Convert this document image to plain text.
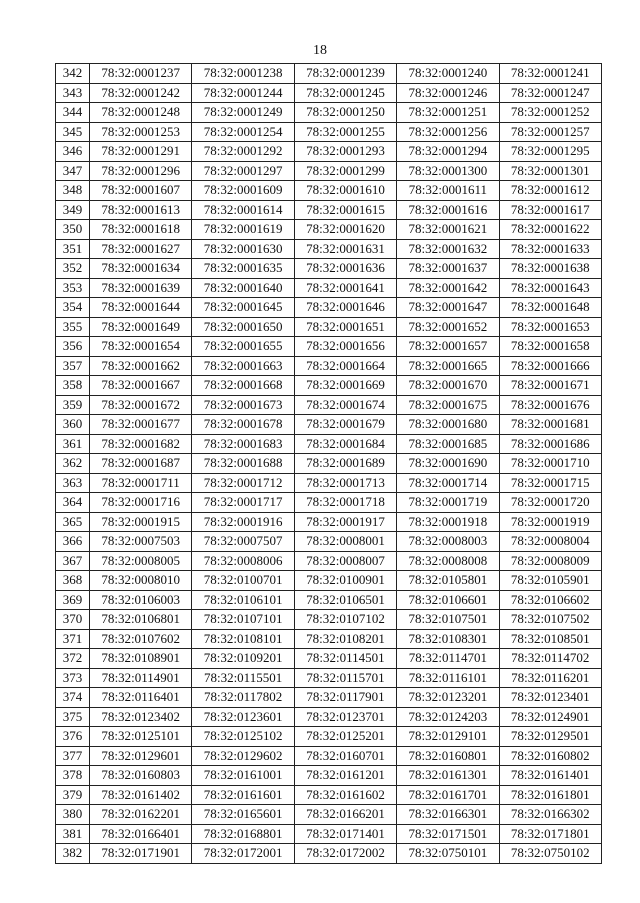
18
342	78:32:0001237	78:32:0001238	78:32:0001239	78:32:0001240	78:32:0001241
343	78:32:0001242	78:32:0001244	78:32:0001245	78:32:0001246	78:32:0001247
344	78:32:0001248	78:32:0001249	78:32:0001250	78:32:0001251	78:32:0001252
345	78:32:0001253	78:32:0001254	78:32:0001255	78:32:0001256	78:32:0001257
346	78:32:0001291	78:32:0001292	78:32:0001293	78:32:0001294	78:32:0001295
347	78:32:0001296	78:32:0001297	78:32:0001299	78:32:0001300	78:32:0001301
348	78:32:0001607	78:32:0001609	78:32:0001610	78:32:0001611	78:32:0001612
349	78:32:0001613	78:32:0001614	78:32:0001615	78:32:0001616	78:32:0001617
350	78:32:0001618	78:32:0001619	78:32:0001620	78:32:0001621	78:32:0001622
351	78:32:0001627	78:32:0001630	78:32:0001631	78:32:0001632	78:32:0001633
352	78:32:0001634	78:32:0001635	78:32:0001636	78:32:0001637	78:32:0001638
353	78:32:0001639	78:32:0001640	78:32:0001641	78:32:0001642	78:32:0001643
354	78:32:0001644	78:32:0001645	78:32:0001646	78:32:0001647	78:32:0001648
355	78:32:0001649	78:32:0001650	78:32:0001651	78:32:0001652	78:32:0001653
356	78:32:0001654	78:32:0001655	78:32:0001656	78:32:0001657	78:32:0001658
357	78:32:0001662	78:32:0001663	78:32:0001664	78:32:0001665	78:32:0001666
358	78:32:0001667	78:32:0001668	78:32:0001669	78:32:0001670	78:32:0001671
359	78:32:0001672	78:32:0001673	78:32:0001674	78:32:0001675	78:32:0001676
360	78:32:0001677	78:32:0001678	78:32:0001679	78:32:0001680	78:32:0001681
361	78:32:0001682	78:32:0001683	78:32:0001684	78:32:0001685	78:32:0001686
362	78:32:0001687	78:32:0001688	78:32:0001689	78:32:0001690	78:32:0001710
363	78:32:0001711	78:32:0001712	78:32:0001713	78:32:0001714	78:32:0001715
364	78:32:0001716	78:32:0001717	78:32:0001718	78:32:0001719	78:32:0001720
365	78:32:0001915	78:32:0001916	78:32:0001917	78:32:0001918	78:32:0001919
366	78:32:0007503	78:32:0007507	78:32:0008001	78:32:0008003	78:32:0008004
367	78:32:0008005	78:32:0008006	78:32:0008007	78:32:0008008	78:32:0008009
368	78:32:0008010	78:32:0100701	78:32:0100901	78:32:0105801	78:32:0105901
369	78:32:0106003	78:32:0106101	78:32:0106501	78:32:0106601	78:32:0106602
370	78:32:0106801	78:32:0107101	78:32:0107102	78:32:0107501	78:32:0107502
371	78:32:0107602	78:32:0108101	78:32:0108201	78:32:0108301	78:32:0108501
372	78:32:0108901	78:32:0109201	78:32:0114501	78:32:0114701	78:32:0114702
373	78:32:0114901	78:32:0115501	78:32:0115701	78:32:0116101	78:32:0116201
374	78:32:0116401	78:32:0117802	78:32:0117901	78:32:0123201	78:32:0123401
375	78:32:0123402	78:32:0123601	78:32:0123701	78:32:0124203	78:32:0124901
376	78:32:0125101	78:32:0125102	78:32:0125201	78:32:0129101	78:32:0129501
377	78:32:0129601	78:32:0129602	78:32:0160701	78:32:0160801	78:32:0160802
378	78:32:0160803	78:32:0161001	78:32:0161201	78:32:0161301	78:32:0161401
379	78:32:0161402	78:32:0161601	78:32:0161602	78:32:0161701	78:32:0161801
380	78:32:0162201	78:32:0165601	78:32:0166201	78:32:0166301	78:32:0166302
381	78:32:0166401	78:32:0168801	78:32:0171401	78:32:0171501	78:32:0171801
382	78:32:0171901	78:32:0172001	78:32:0172002	78:32:0750101	78:32:0750102
